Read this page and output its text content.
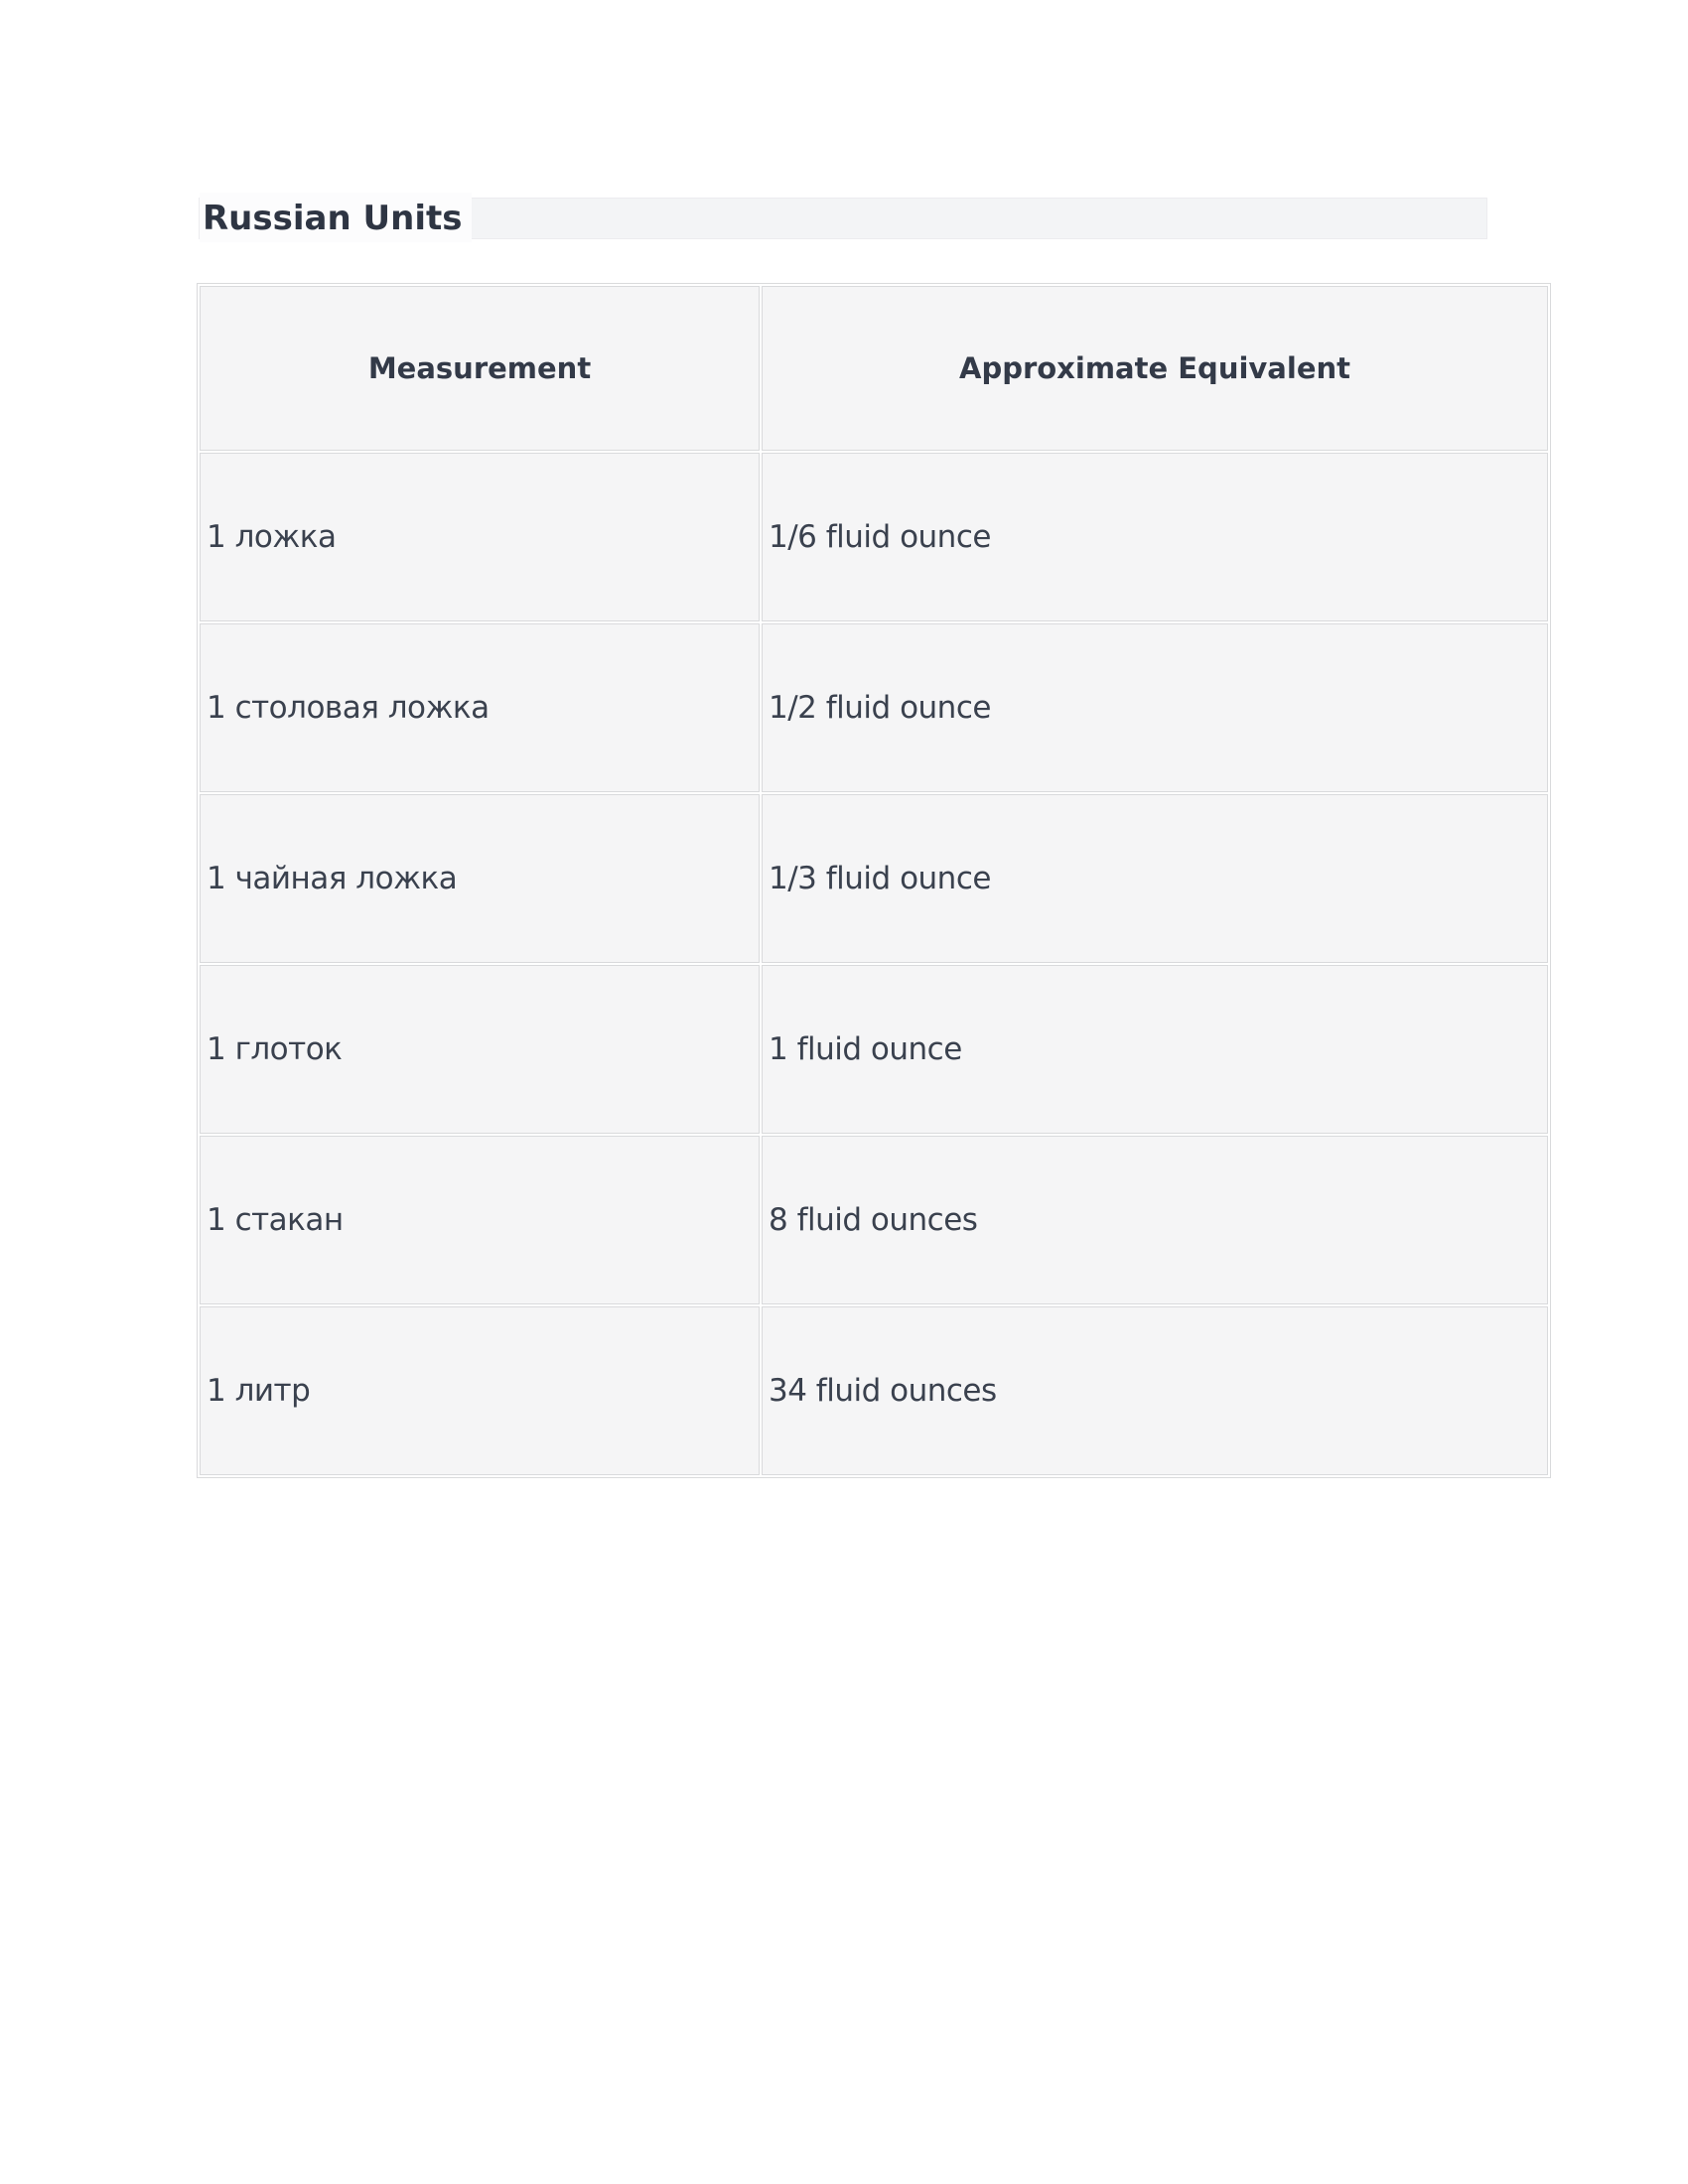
Russian Units
Measurement	Approximate Equivalent
1 ложка	1/6 fluid ounce
1 столовая ложка	1/2 fluid ounce
1 чайная ложка	1/3 fluid ounce
1 глоток	1 fluid ounce
1 стакан	8 fluid ounces
1 литр	34 fluid ounces
